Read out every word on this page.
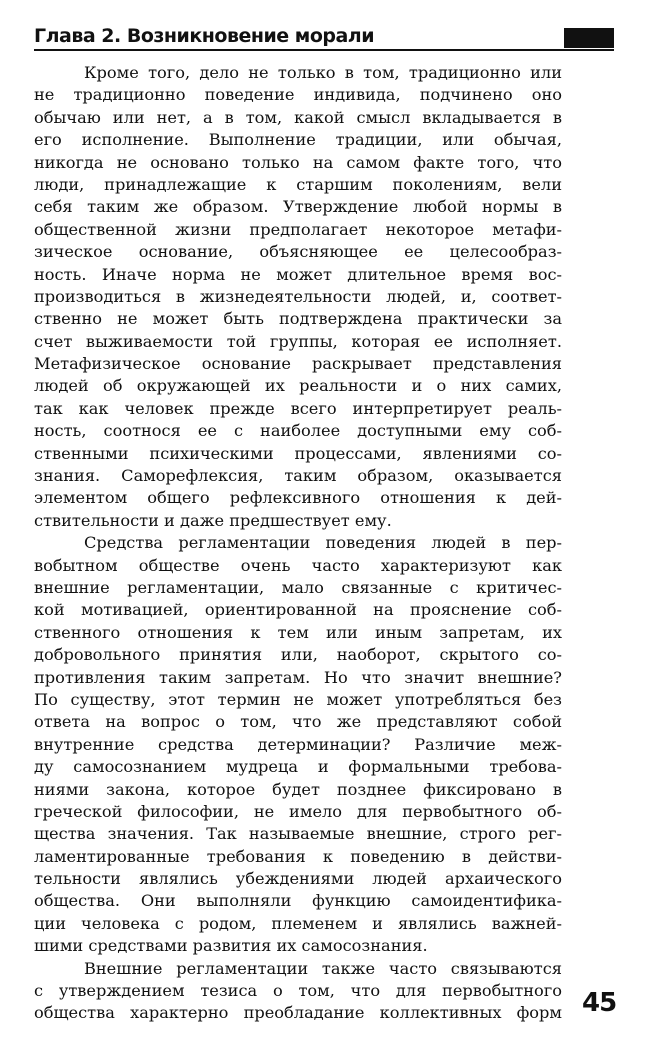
Глава 2. Возникновение морали
Кроме того, дело не только в том, традиционно или
не традиционно поведение индивида, подчинено оно
обычаю или нет, а в том, какой смысл вкладывается в
его исполнение. Выполнение традиции, или обычая,
никогда не основано только на самом факте того, что
люди, принадлежащие к старшим поколениям, вели
себя таким же образом. Утверждение любой нормы в
общественной жизни предполагает некоторое метафи-
зическое основание, объясняющее ее целесообраз-
ность. Иначе норма не может длительное время вос-
производиться в жизнедеятельности людей, и, соответ-
ственно не может быть подтверждена практически за
счет выживаемости той группы, которая ее исполняет.
Метафизическое основание раскрывает представления
людей об окружающей их реальности и о них самих,
так как человек прежде всего интерпретирует реаль-
ность, соотнося ее с наиболее доступными ему соб-
ственными психическими процессами, явлениями со-
знания. Саморефлексия, таким образом, оказывается
элементом общего рефлексивного отношения к дей-
ствительности и даже предшествует ему.
Средства регламентации поведения людей в пер-
вобытном обществе очень часто характеризуют как
внешние регламентации, мало связанные с критичес-
кой мотивацией, ориентированной на прояснение соб-
ственного отношения к тем или иным запретам, их
добровольного принятия или, наоборот, скрытого со-
противления таким запретам. Но что значит внешние?
По существу, этот термин не может употребляться без
ответа на вопрос о том, что же представляют собой
внутренние средства детерминации? Различие меж-
ду самосознанием мудреца и формальными требова-
ниями закона, которое будет позднее фиксировано в
греческой философии, не имело для первобытного об-
щества значения. Так называемые внешние, строго рег-
ламентированные требования к поведению в действи-
тельности являлись убеждениями людей архаического
общества. Они выполняли функцию самоидентифика-
ции человека с родом, племенем и являлись важней-
шими средствами развития их самосознания.
Внешние регламентации также часто связываются
с утверждением тезиса о том, что для первобытного
общества характерно преобладание коллективных форм 45
